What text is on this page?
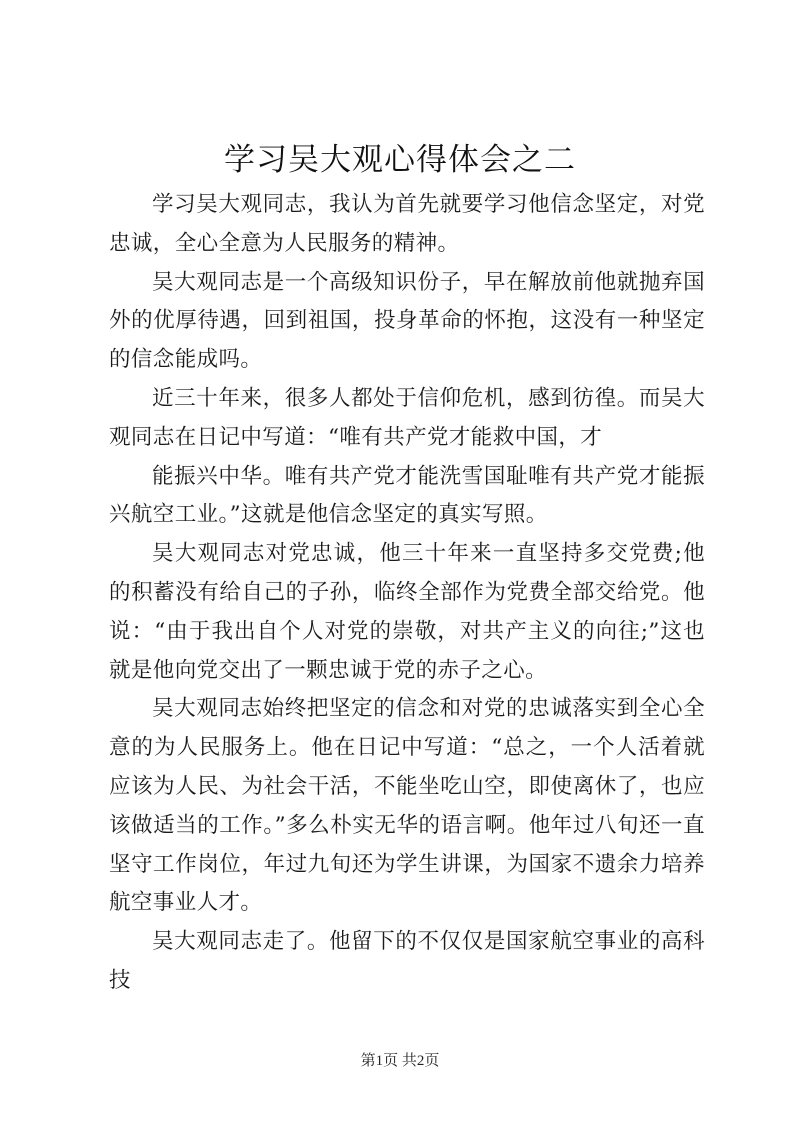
学习吴大观心得体会之二

学习吴大观同志，我认为首先就要学习他信念坚定，对党忠诚，全心全意为人民服务的精神。

吴大观同志是一个高级知识份子，早在解放前他就抛弃国外的优厚待遇，回到祖国，投身革命的怀抱，这没有一种坚定的信念能成吗。

近三十年来，很多人都处于信仰危机，感到彷徨。而吴大观同志在日记中写道：“唯有共产党才能救中国，才

能振兴中华。唯有共产党才能洗雪国耻唯有共产党才能振兴航空工业。”这就是他信念坚定的真实写照。

吴大观同志对党忠诚，他三十年来一直坚持多交党费;他的积蓄没有给自己的子孙，临终全部作为党费全部交给党。他说：“由于我出自个人对党的崇敬，对共产主义的向往;”这也就是他向党交出了一颗忠诚于党的赤子之心。

吴大观同志始终把坚定的信念和对党的忠诚落实到全心全意的为人民服务上。他在日记中写道：“总之，一个人活着就应该为人民、为社会干活，不能坐吃山空，即使离休了，也应该做适当的工作。”多么朴实无华的语言啊。他年过八旬还一直坚守工作岗位，年过九旬还为学生讲课，为国家不遗余力培养航空事业人才。

吴大观同志走了。他留下的不仅仅是国家航空事业的高科技

第1页 共2页
